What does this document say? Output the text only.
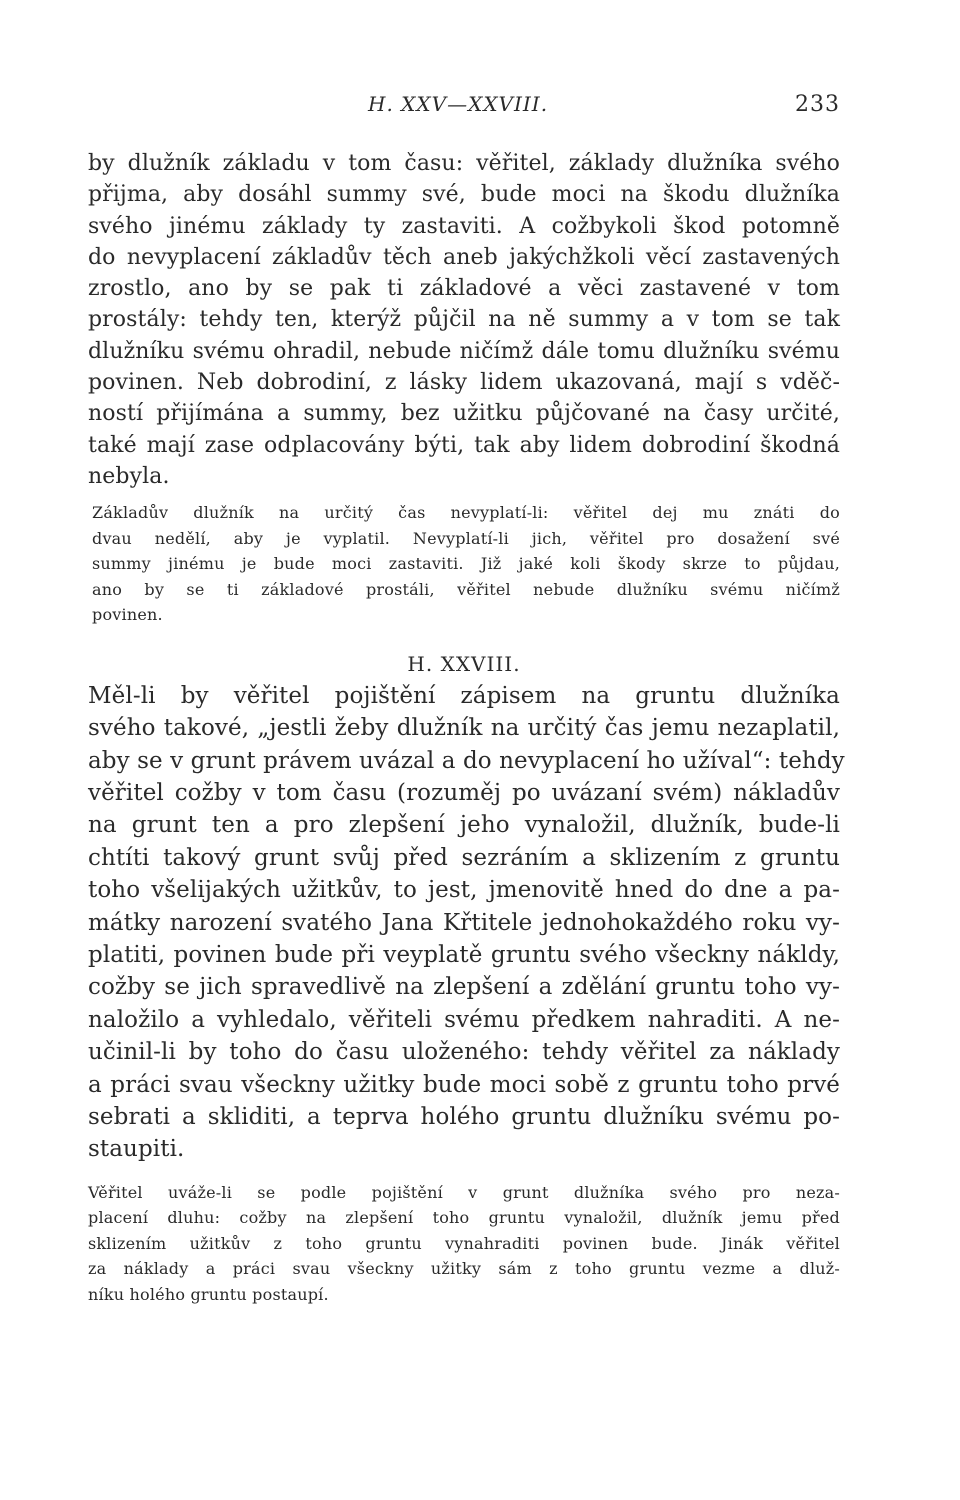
H. XXV—XXVIII.	233

by dlužník základu v tom času: věřitel, základy dlužníka svého
přijma, aby dosáhl summy své, bude moci na škodu dlužníka
svého jinému základy ty zastaviti. A cožbykoli škod potomně
do nevyplacení základův těch aneb jakýchžkoli věcí zastavených
zrostlo, ano by se pak ti základové a věci zastavené v tom
prostály: tehdy ten, kterýž půjčil na ně summy a v tom se tak
dlužníku svému ohradil, nebude ničímž dále tomu dlužníku svému
povinen. Neb dobrodiní, z lásky lidem ukazovaná, mají s vděč-
ností přijímána a summy, bez užitku půjčované na časy určité,
také mají zase odplacovány býti, tak aby lidem dobrodiní škodná
nebyla.

Základův dlužník na určitý čas nevyplatí-li: věřitel dej mu znáti do
dvau nedělí, aby je vyplatil. Nevyplatí-li jich, věřitel pro dosažení své
summy jinému je bude moci zastaviti. Již jaké koli škody skrze to půjdau,
ano by se ti základové prostáli, věřitel nebude dlužníku svému ničímž
povinen.

H. XXVIII.

Měl-li by věřitel pojištění zápisem na gruntu dlužníka
svého takové, „jestli žeby dlužník na určitý čas jemu nezaplatil,
aby se v grunt právem uvázal a do nevyplacení ho užíval“: tehdy
věřitel cožby v tom času (rozuměj po uvázaní svém) nákladův
na grunt ten a pro zlepšení jeho vynaložil, dlužník, bude-li
chtíti takový grunt svůj před sezráním a sklizením z gruntu
toho všelijakých užitkův, to jest, jmenovitě hned do dne a pa-
mátky narození svatého Jana Křtitele jednohokaždého roku vy-
platiti, povinen bude při veyplatě gruntu svého všeckny nákldy,
cožby se jich spravedlivě na zlepšení a zdělání gruntu toho vy-
naložilo a vyhledalo, věřiteli svému předkem nahraditi. A ne-
učinil-li by toho do času uloženého: tehdy věřitel za náklady
a práci svau všeckny užitky bude moci sobě z gruntu toho prvé
sebrati a skliditi, a teprva holého gruntu dlužníku svému po-
staupiti.

Věřitel uváže-li se podle pojištění v grunt dlužníka svého pro neza-
placení dluhu: cožby na zlepšení toho gruntu vynaložil, dlužník jemu před
sklizením užitkův z toho gruntu vynahraditi povinen bude. Jinák věřitel
za náklady a práci svau všeckny užitky sám z toho gruntu vezme a dluž-
níku holého gruntu postaupí.
